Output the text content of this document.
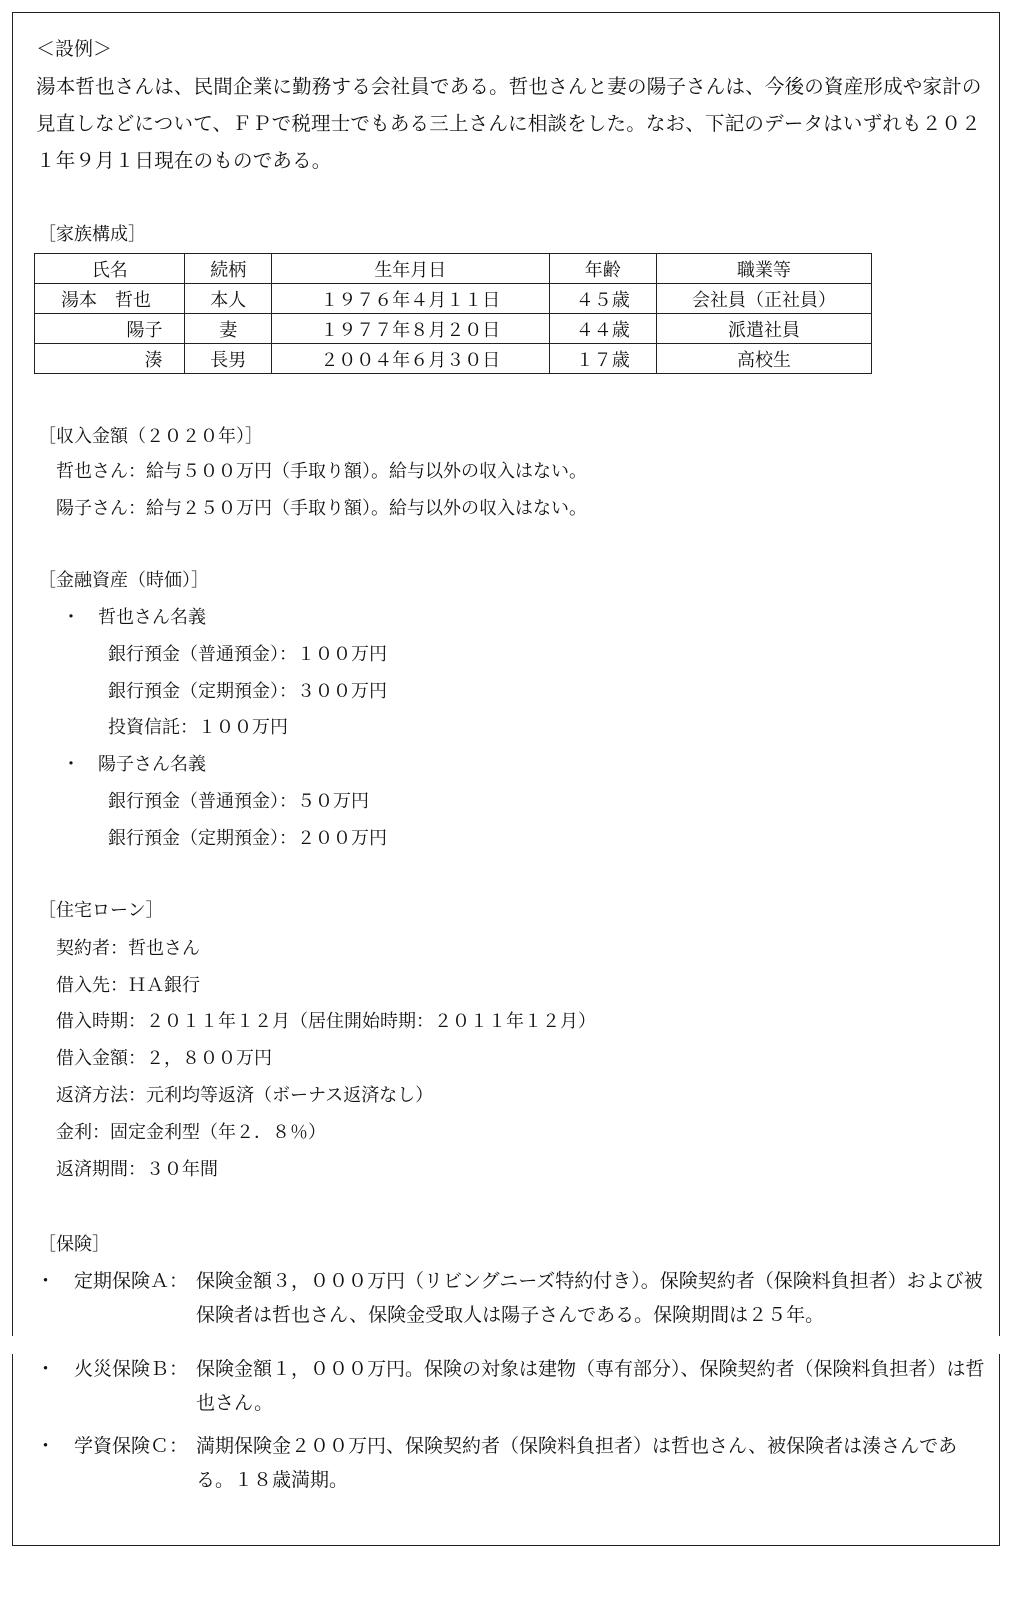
＜設例＞
湯本哲也さんは、民間企業に勤務する会社員である。哲也さんと妻の陽子さんは、今後の資産形成や家計の見直しなどについて、ＦＰで税理士でもある三上さんに相談をした。なお、下記のデータはいずれも２０２１年９月１日現在のものである。
［家族構成］
氏名	続柄	生年月日	年齢	職業等
湯本　哲也	本人	１９７６年４月１１日	４５歳	会社員（正社員）
陽子	妻	１９７７年８月２０日	４４歳	派遣社員
湊	長男	２００４年６月３０日	１７歳	高校生
［収入金額（２０２０年）］
哲也さん：給与５００万円（手取り額）。給与以外の収入はない。
陽子さん：給与２５０万円（手取り額）。給与以外の収入はない。
［金融資産（時価）］
・　哲也さん名義
銀行預金（普通預金）：１００万円
銀行預金（定期預金）：３００万円
投資信託：１００万円
・　陽子さん名義
銀行預金（普通預金）：５０万円
銀行預金（定期預金）：２００万円
［住宅ローン］
契約者：哲也さん
借入先：ＨＡ銀行
借入時期：２０１１年１２月（居住開始時期：２０１１年１２月）
借入金額：２，８００万円
返済方法：元利均等返済（ボーナス返済なし）
金利：固定金利型（年２．８％）
返済期間：３０年間
［保険］
・　定期保険Ａ： 保険金額３，０００万円（リビングニーズ特約付き）。保険契約者（保険料負担者）および被保険者は哲也さん、保険金受取人は陽子さんである。保険期間は２５年。
・　火災保険Ｂ： 保険金額１，０００万円。保険の対象は建物（専有部分）、保険契約者（保険料負担者）は哲也さん。
・　学資保険Ｃ： 満期保険金２００万円、保険契約者（保険料負担者）は哲也さん、被保険者は湊さんである。１８歳満期。
